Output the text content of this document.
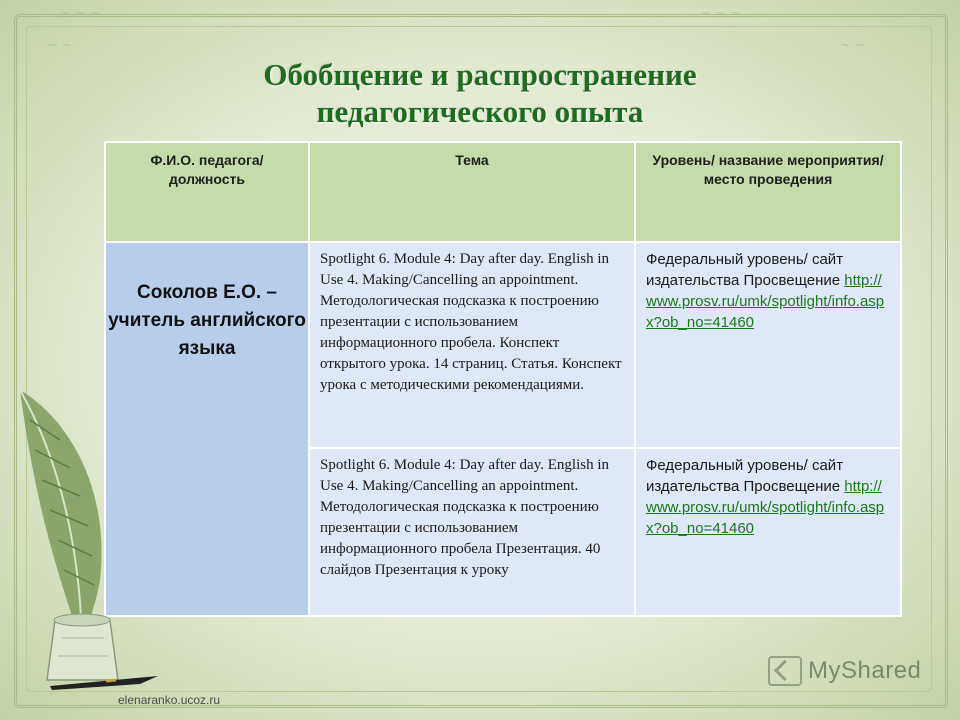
~ ~ ~	~ ~ ~
~ ~	~ ~
Обобщение и распространение
педагогического опыта
Ф.И.О. педагога/ должность	Тема	Уровень/ название мероприятия/ место проведения
Соколов Е.О. – учитель английского языка	Spotlight 6. Module 4: Day after day. English in Use 4. Making/Cancelling an appointment. Методологическая подсказка к построению презентации с использованием информационного пробела. Конспект открытого урока. 14 страниц. Статья. Конспект урока с методическими рекомендациями.	Федеральный уровень/ сайт издательства Просвещение http://www.prosv.ru/umk/spotlight/info.aspx?ob_no=41460
	Spotlight 6. Module 4: Day after day. English in Use 4. Making/Cancelling an appointment. Методологическая подсказка к построению презентации с использованием информационного пробела Презентация. 40 слайдов Презентация к уроку	Федеральный уровень/ сайт издательства Просвещение http://www.prosv.ru/umk/spotlight/info.aspx?ob_no=41460
elenaranko.ucoz.ru
MyShared
